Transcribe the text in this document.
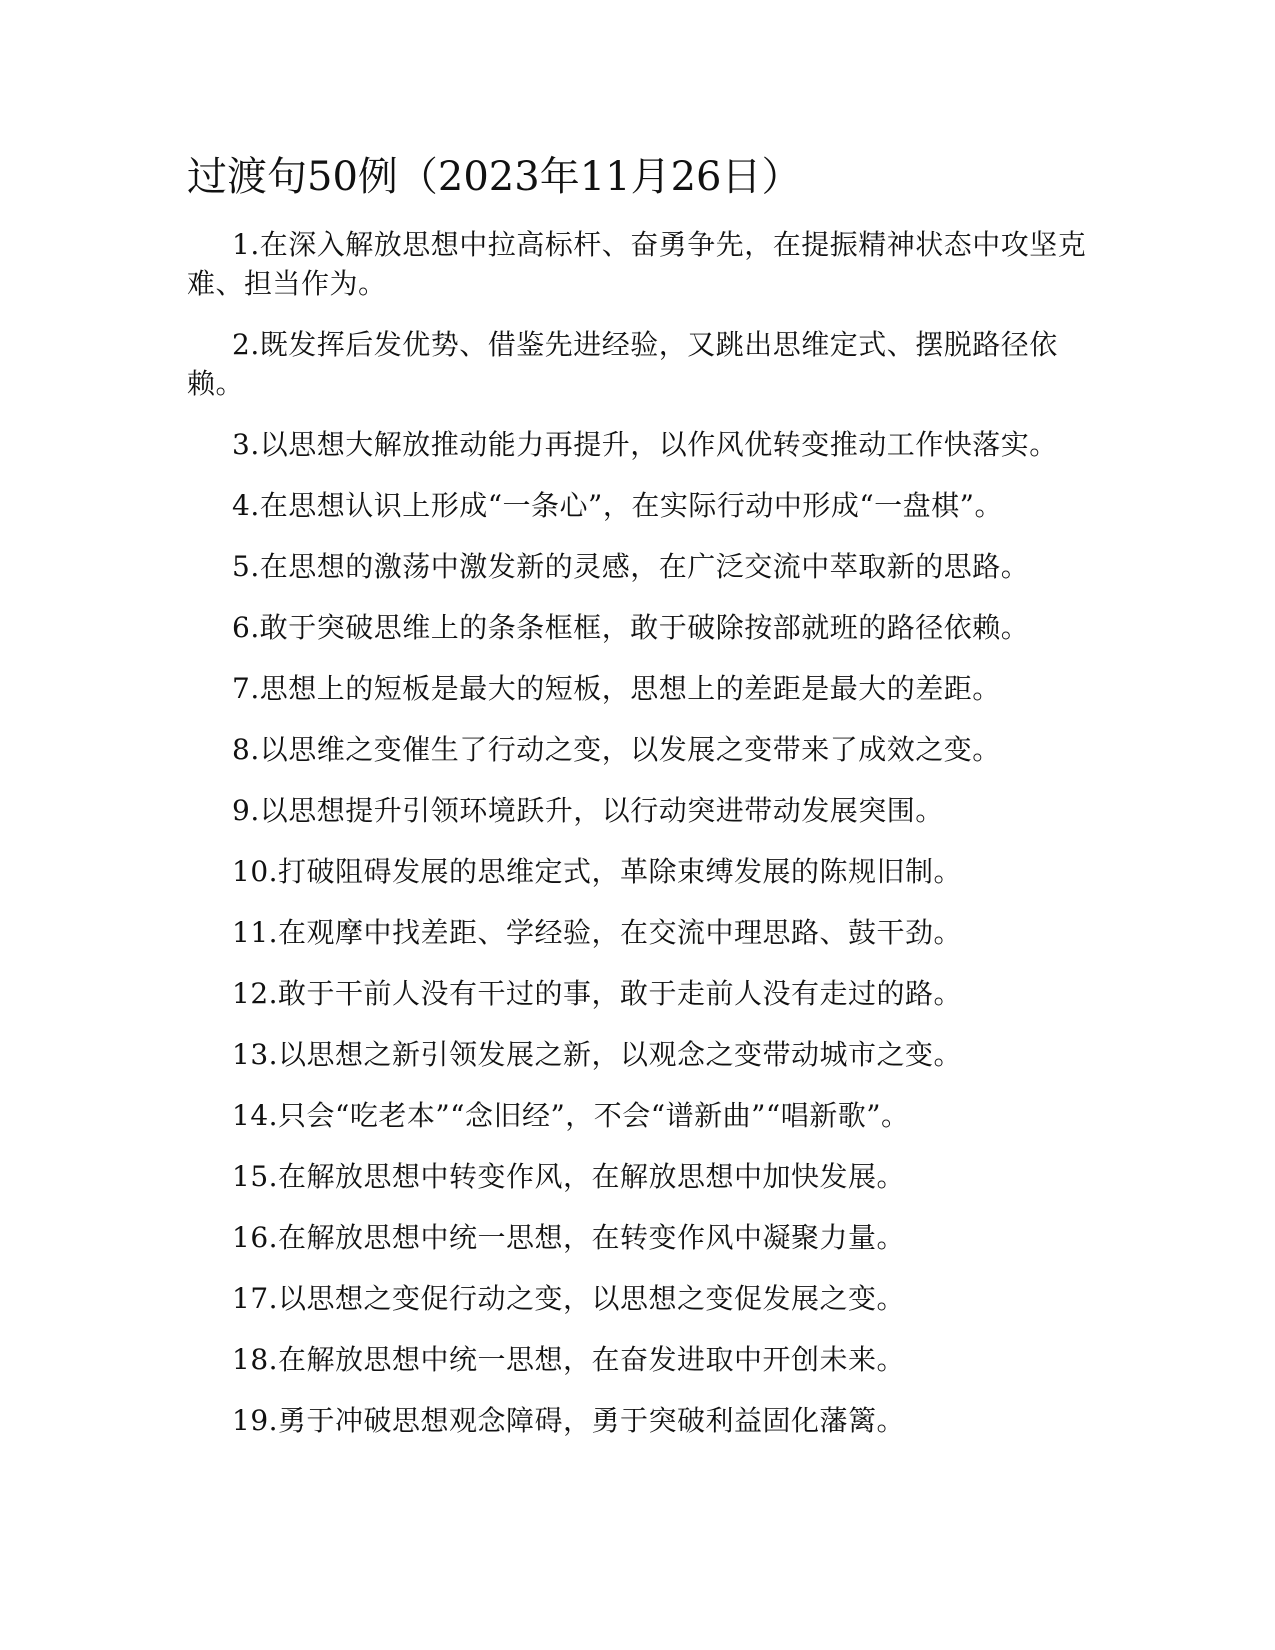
过渡句50例（2023年11月26日）

1.在深入解放思想中拉高标杆、奋勇争先，在提振精神状态中攻坚克难、担当作为。

2.既发挥后发优势、借鉴先进经验，又跳出思维定式、摆脱路径依赖。

3.以思想大解放推动能力再提升，以作风优转变推动工作快落实。

4.在思想认识上形成“一条心”，在实际行动中形成“一盘棋”。

5.在思想的激荡中激发新的灵感，在广泛交流中萃取新的思路。

6.敢于突破思维上的条条框框，敢于破除按部就班的路径依赖。

7.思想上的短板是最大的短板，思想上的差距是最大的差距。

8.以思维之变催生了行动之变，以发展之变带来了成效之变。

9.以思想提升引领环境跃升，以行动突进带动发展突围。

10.打破阻碍发展的思维定式，革除束缚发展的陈规旧制。

11.在观摩中找差距、学经验，在交流中理思路、鼓干劲。

12.敢于干前人没有干过的事，敢于走前人没有走过的路。

13.以思想之新引领发展之新，以观念之变带动城市之变。

14.只会“吃老本”“念旧经”，不会“谱新曲”“唱新歌”。

15.在解放思想中转变作风，在解放思想中加快发展。

16.在解放思想中统一思想，在转变作风中凝聚力量。

17.以思想之变促行动之变，以思想之变促发展之变。

18.在解放思想中统一思想，在奋发进取中开创未来。

19.勇于冲破思想观念障碍，勇于突破利益固化藩篱。
